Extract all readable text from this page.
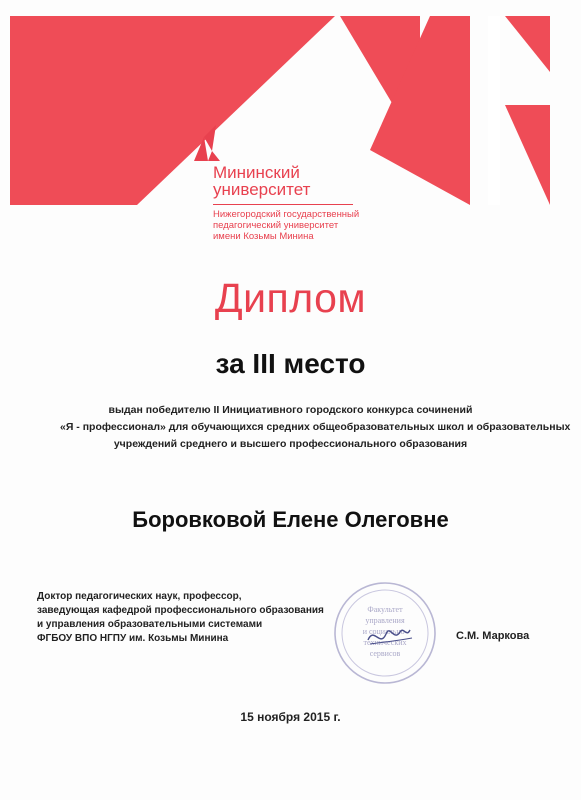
Мининский
университет
Нижегородский государственный
педагогический университет
имени Козьмы Минина
Диплом
за III место
выдан победителю II Инициативного городского конкурса сочинений
«Я - профессионал» для обучающихся средних общеобразовательных школ и образовательных
учреждений среднего и высшего профессионального образования
Боровковой Елене Олеговне
Доктор педагогических наук, профессор,
заведующая кафедрой профессионального образования
и управления образовательными системами
ФГБОУ ВПО НГПУ им. Козьмы Минина
Факультет
управления
и социально-
технических
сервисов
С.М. Маркова
15 ноября 2015 г.
